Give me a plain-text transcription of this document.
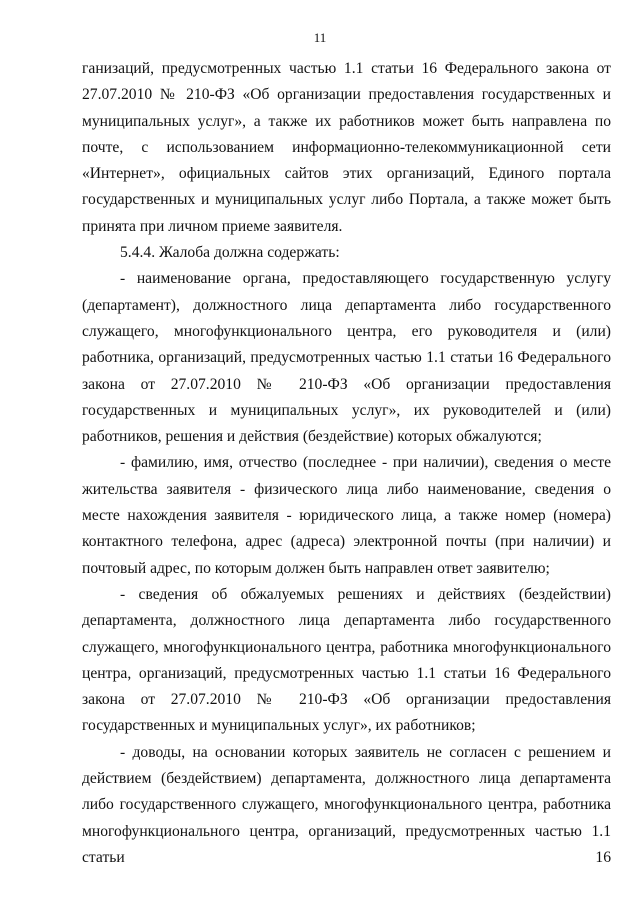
11

ганизаций, предусмотренных частью 1.1 статьи 16 Федерального закона от 27.07.2010 № 210-ФЗ «Об организации предоставления государственных и муниципальных услуг», а также их работников может быть направлена по почте, с использованием информационно-телекоммуникационной сети «Интернет», официальных сайтов этих организаций, Единого портала государственных и муниципальных услуг либо Портала, а также может быть принята при личном приеме заявителя.

5.4.4. Жалоба должна содержать:

- наименование органа, предоставляющего государственную услугу (департамент), должностного лица департамента либо государственного служащего, многофункционального центра, его руководителя и (или) работника, организаций, предусмотренных частью 1.1 статьи 16 Федерального закона от 27.07.2010 № 210-ФЗ «Об организации предоставления государственных и муниципальных услуг», их руководителей и (или) работников, решения и действия (бездействие) которых обжалуются;

- фамилию, имя, отчество (последнее - при наличии), сведения о месте жительства заявителя - физического лица либо наименование, сведения о месте нахождения заявителя - юридического лица, а также номер (номера) контактного телефона, адрес (адреса) электронной почты (при наличии) и почтовый адрес, по которым должен быть направлен ответ заявителю;

- сведения об обжалуемых решениях и действиях (бездействии) департамента, должностного лица департамента либо государственного служащего, многофункционального центра, работника многофункционального центра, организаций, предусмотренных частью 1.1 статьи 16 Федерального закона от 27.07.2010 № 210-ФЗ «Об организации предоставления государственных и муниципальных услуг», их работников;

- доводы, на основании которых заявитель не согласен с решением и действием (бездействием) департамента, должностного лица департамента либо государственного служащего, многофункционального центра, работника многофункционального центра, организаций, предусмотренных частью 1.1 статьи 16
